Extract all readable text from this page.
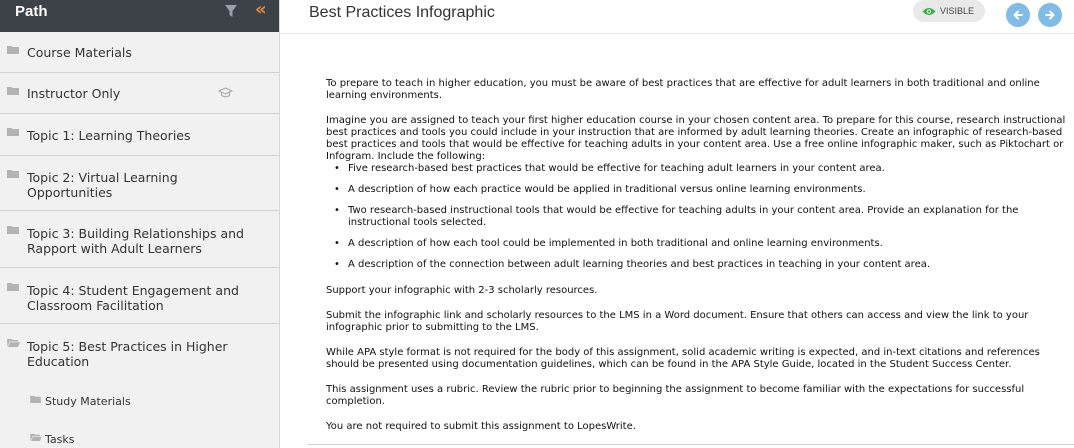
Path	«
Course Materials
Instructor Only
Topic 1: Learning Theories
Topic 2: Virtual Learning
Opportunities
Topic 3: Building Relationships and
Rapport with Adult Learners
Topic 4: Student Engagement and
Classroom Facilitation
Topic 5: Best Practices in Higher
Education
Study Materials
Tasks
Best Practices Infographic	VISIBLE

To prepare to teach in higher education, you must be aware of best practices that are effective for adult learners in both traditional and online learning environments.

Imagine you are assigned to teach your first higher education course in your chosen content area. To prepare for this course, research instructional best practices and tools you could include in your instruction that are informed by adult learning theories. Create an infographic of research-based best practices and tools that would be effective for teaching adults in your content area. Use a free online infographic maker, such as Piktochart or Infogram. Include the following:

• Five research-based best practices that would be effective for teaching adult learners in your content area.
• A description of how each practice would be applied in traditional versus online learning environments.
• Two research-based instructional tools that would be effective for teaching adults in your content area. Provide an explanation for the instructional tools selected.
• A description of how each tool could be implemented in both traditional and online learning environments.
• A description of the connection between adult learning theories and best practices in teaching in your content area.

Support your infographic with 2-3 scholarly resources.

Submit the infographic link and scholarly resources to the LMS in a Word document. Ensure that others can access and view the link to your infographic prior to submitting to the LMS.

While APA style format is not required for the body of this assignment, solid academic writing is expected, and in-text citations and references should be presented using documentation guidelines, which can be found in the APA Style Guide, located in the Student Success Center.

This assignment uses a rubric. Review the rubric prior to beginning the assignment to become familiar with the expectations for successful completion.

You are not required to submit this assignment to LopesWrite.
